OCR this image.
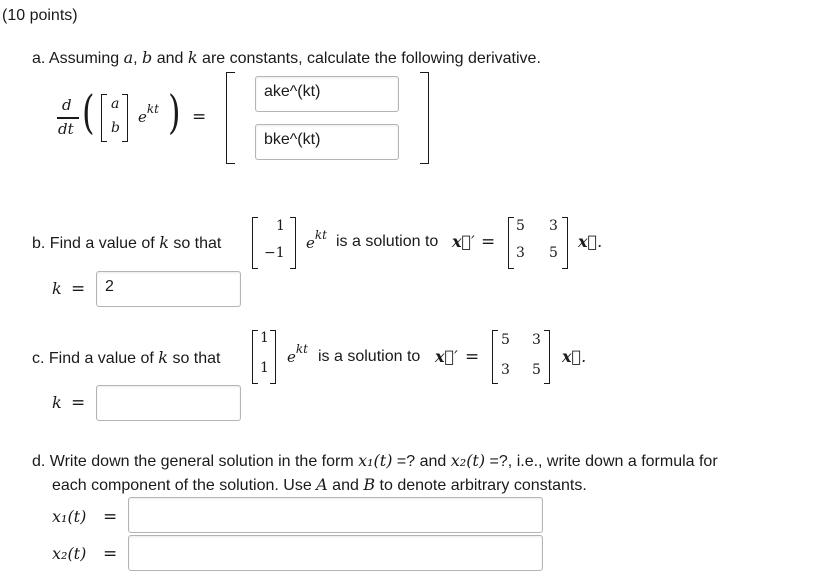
(10 points)
a. Assuming a, b and k are constants, calculate the following derivative.
d
dt ( a
b
$e^{kt}$ ) =
ake^(kt)
bke^(kt)
b. Find a value of k so that
1
−1
$e^{kt}$ is a solution to x⃗′ =
5 3
3 5
x⃗.
k =	2
c. Find a value of k so that
1
1
$e^{kt}$ is a solution to x⃗′ =
5 3
3 5
x⃗.
k =
d. Write down the general solution in the form x₁(t) =? and x₂(t) =?, i.e., write down a formula for
each component of the solution. Use A and B to denote arbitrary constants.
x₁(t) =
x₂(t) =
